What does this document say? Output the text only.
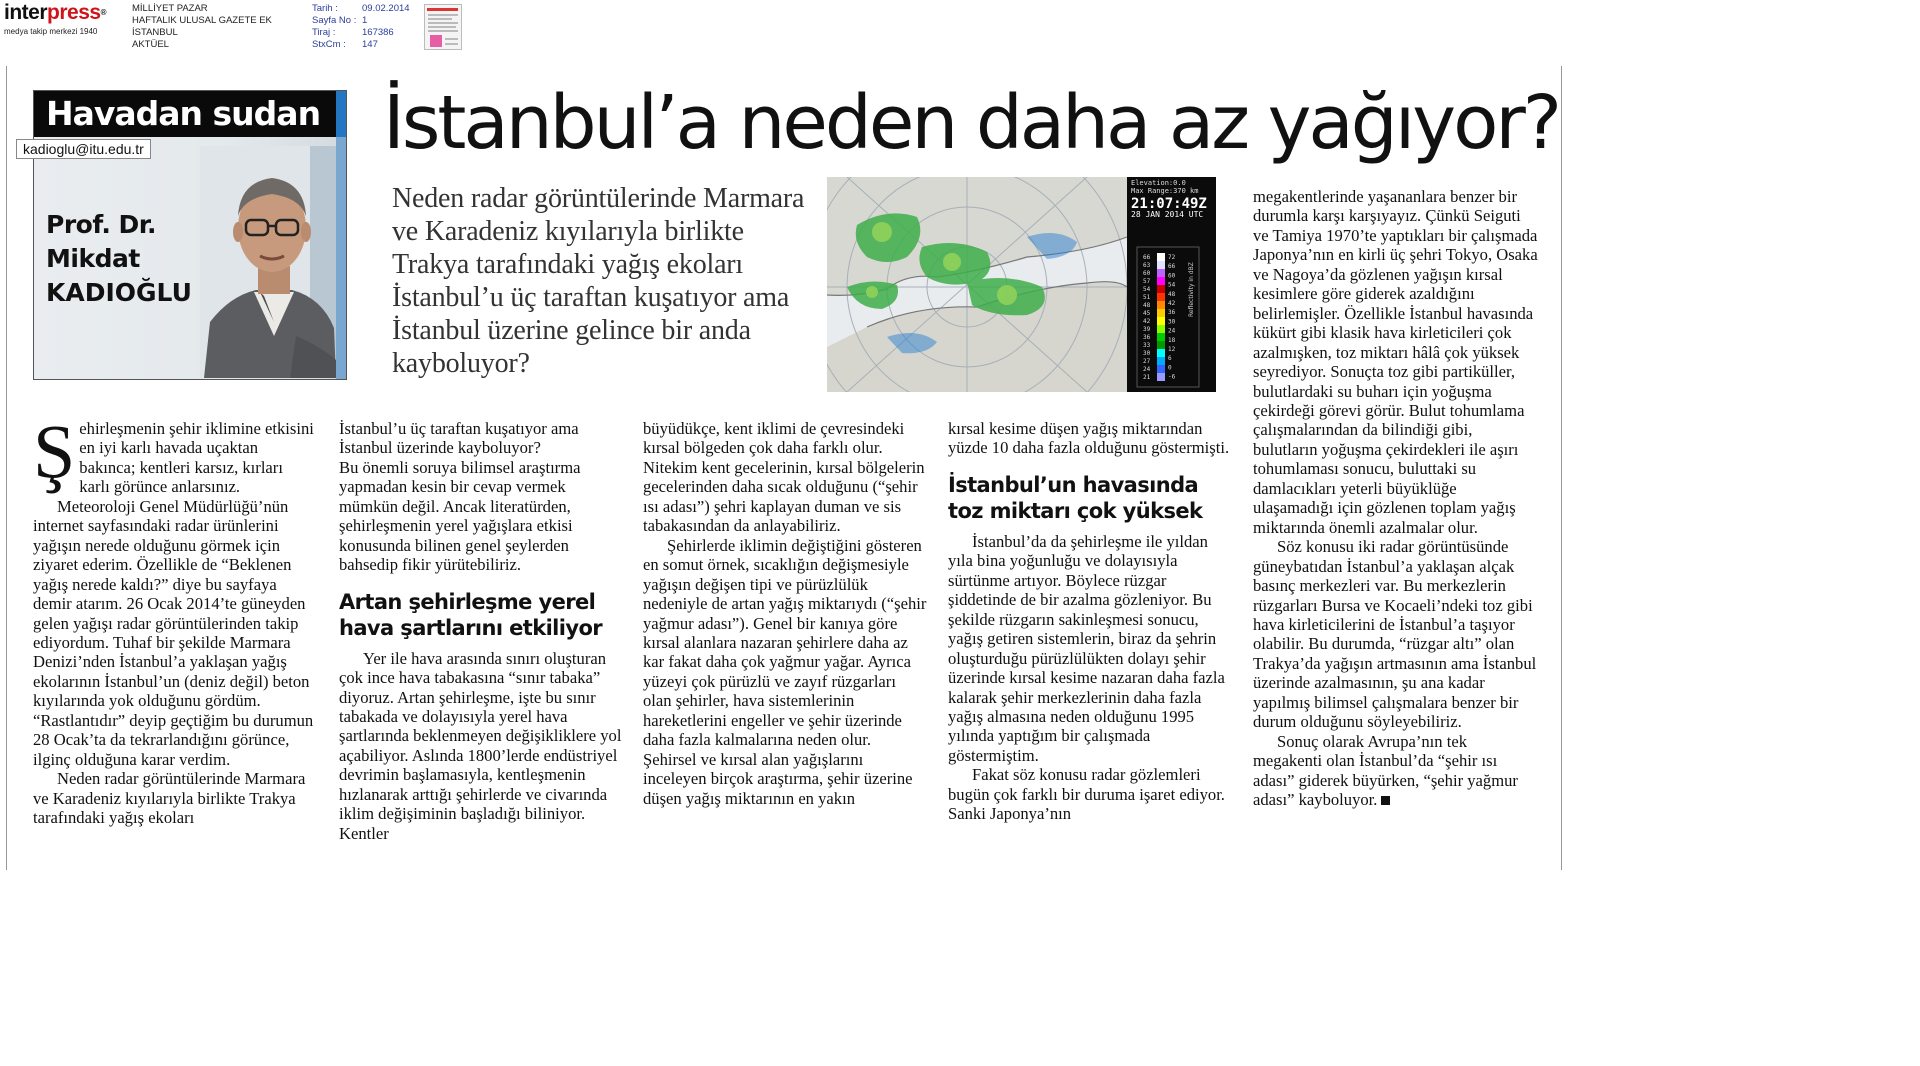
interpress®
medya takip merkezi 1940
MİLLİYET PAZAR
HAFTALIK ULUSAL GAZETE EK
İSTANBUL
AKTÜEL
Tarih :	09.02.2014
Sayfa No : 1
Tiraj :	167386
StxCm :	147
Havadan sudan
kadioglu@itu.edu.tr
Prof. Dr.
Mikdat
KADIOĞLU
İstanbul’a neden daha az yağıyor?
Neden radar görüntülerinde Marmara ve Karadeniz kıyılarıyla birlikte Trakya tarafındaki yağış ekoları İstanbul’u üç taraftan kuşatıyor ama İstanbul üzerine gelince bir anda kayboluyor?
Elevation:0.0
Max Range:370 km
21:07:49Z
28 JAN 2014 UTC
66
63
60
57
54
51
48
45
42
39
36
33
30
27
24
21
72
66
60
54
48
42
36
30
24
18
12
6
0
-6
Reflectivity in dBZ

Şehirleşmenin şehir iklimine etkisini en iyi karlı havada uçaktan bakınca; kentleri karsız, kırları karlı görünce anlarsınız.

Meteoroloji Genel Müdürlüğü’nün internet sayfasındaki radar ürünlerini yağışın nerede olduğunu görmek için ziyaret ederim. Özellikle de “Beklenen yağış nerede kaldı?” diye bu sayfaya demir atarım. 26 Ocak 2014’te güneyden gelen yağışı radar görüntülerinden takip ediyordum. Tuhaf bir şekilde Marmara Denizi’nden İstanbul’a yaklaşan yağış ekolarının İstanbul’un (deniz değil) beton kıyılarında yok olduğunu gördüm. “Rastlantıdır” deyip geçtiğim bu durumun 28 Ocak’ta da tekrarlandığını görünce, ilginç olduğuna karar verdim.

Neden radar görüntülerinde Marmara ve Karadeniz kıyılarıyla birlikte Trakya tarafındaki yağış ekoları

İstanbul’u üç taraftan kuşatıyor ama İstanbul üzerinde kayboluyor?

Bu önemli soruya bilimsel araştırma yapmadan kesin bir cevap vermek mümkün değil. Ancak literatürden, şehirleşmenin yerel yağışlara etkisi konusunda bilinen genel şeylerden bahsedip fikir yürütebiliriz.

Artan şehirleşme yerel hava şartlarını etkiliyor

Yer ile hava arasında sınırı oluşturan çok ince hava tabakasına “sınır tabaka” diyoruz. Artan şehirleşme, işte bu sınır tabakada ve dolayısıyla yerel hava şartlarında beklenmeyen değişikliklere yol açabiliyor. Aslında 1800’lerde endüstriyel devrimin başlamasıyla, kentleşmenin hızlanarak arttığı şehirlerde ve civarında iklim değişiminin başladığı biliniyor. Kentler

büyüdükçe, kent iklimi de çevresindeki kırsal bölgeden çok daha farklı olur. Nitekim kent gecelerinin, kırsal bölgelerin gecelerinden daha sıcak olduğunu (“şehir ısı adası”) şehri kaplayan duman ve sis tabakasından da anlayabiliriz.

Şehirlerde iklimin değiştiğini gösteren en somut örnek, sıcaklığın değişmesiyle yağışın değişen tipi ve pürüzlülük nedeniyle de artan yağış miktarıydı (“şehir yağmur adası”). Genel bir kanıya göre kırsal alanlara nazaran şehirlere daha az kar fakat daha çok yağmur yağar. Ayrıca yüzeyi çok pürüzlü ve zayıf rüzgarları olan şehirler, hava sistemlerinin hareketlerini engeller ve şehir üzerinde daha fazla kalmalarına neden olur. Şehirsel ve kırsal alan yağışlarını inceleyen birçok araştırma, şehir üzerine düşen yağış miktarının en yakın

kırsal kesime düşen yağış miktarından yüzde 10 daha fazla olduğunu göstermişti.

İstanbul’un havasında toz miktarı çok yüksek

İstanbul’da da şehirleşme ile yıldan yıla bina yoğunluğu ve dolayısıyla sürtünme artıyor. Böylece rüzgar şiddetinde de bir azalma gözleniyor. Bu şekilde rüzgarın sakinleşmesi sonucu, yağış getiren sistemlerin, biraz da şehrin oluşturduğu pürüzlülükten dolayı şehir üzerinde kırsal kesime nazaran daha fazla kalarak şehir merkezlerinin daha fazla yağış almasına neden olduğunu 1995 yılında yaptığım bir çalışmada göstermiştim.

Fakat söz konusu radar gözlemleri bugün çok farklı bir duruma işaret ediyor. Sanki Japonya’nın

megakentlerinde yaşananlara benzer bir durumla karşı karşıyayız. Çünkü Seiguti ve Tamiya 1970’te yaptıkları bir çalışmada Japonya’nın en kirli üç şehri Tokyo, Osaka ve Nagoya’da gözlenen yağışın kırsal kesimlere göre giderek azaldığını belirlemişler. Özellikle İstanbul havasında kükürt gibi klasik hava kirleticileri çok azalmışken, toz miktarı hâlâ çok yüksek seyrediyor. Sonuçta toz gibi partiküller, bulutlardaki su buharı için yoğuşma çekirdeği görevi görür. Bulut tohumlama çalışmalarından da bilindiği gibi, bulutların yoğuşma çekirdekleri ile aşırı tohumlaması sonucu, buluttaki su damlacıkları yeterli büyüklüğe ulaşamadığı için gözlenen toplam yağış miktarında önemli azalmalar olur.

Söz konusu iki radar görüntüsünde güneybatıdan İstanbul’a yaklaşan alçak basınç merkezleri var. Bu merkezlerin rüzgarları Bursa ve Kocaeli’ndeki toz gibi hava kirleticilerini de İstanbul’a taşıyor olabilir. Bu durumda, “rüzgar altı” olan Trakya’da yağışın artmasının ama İstanbul üzerinde azalmasının, şu ana kadar yapılmış bilimsel çalışmalara benzer bir durum olduğunu söyleyebiliriz.

Sonuç olarak Avrupa’nın tek megakenti olan İstanbul’da “şehir ısı adası” giderek büyürken, “şehir yağmur adası” kayboluyor.
